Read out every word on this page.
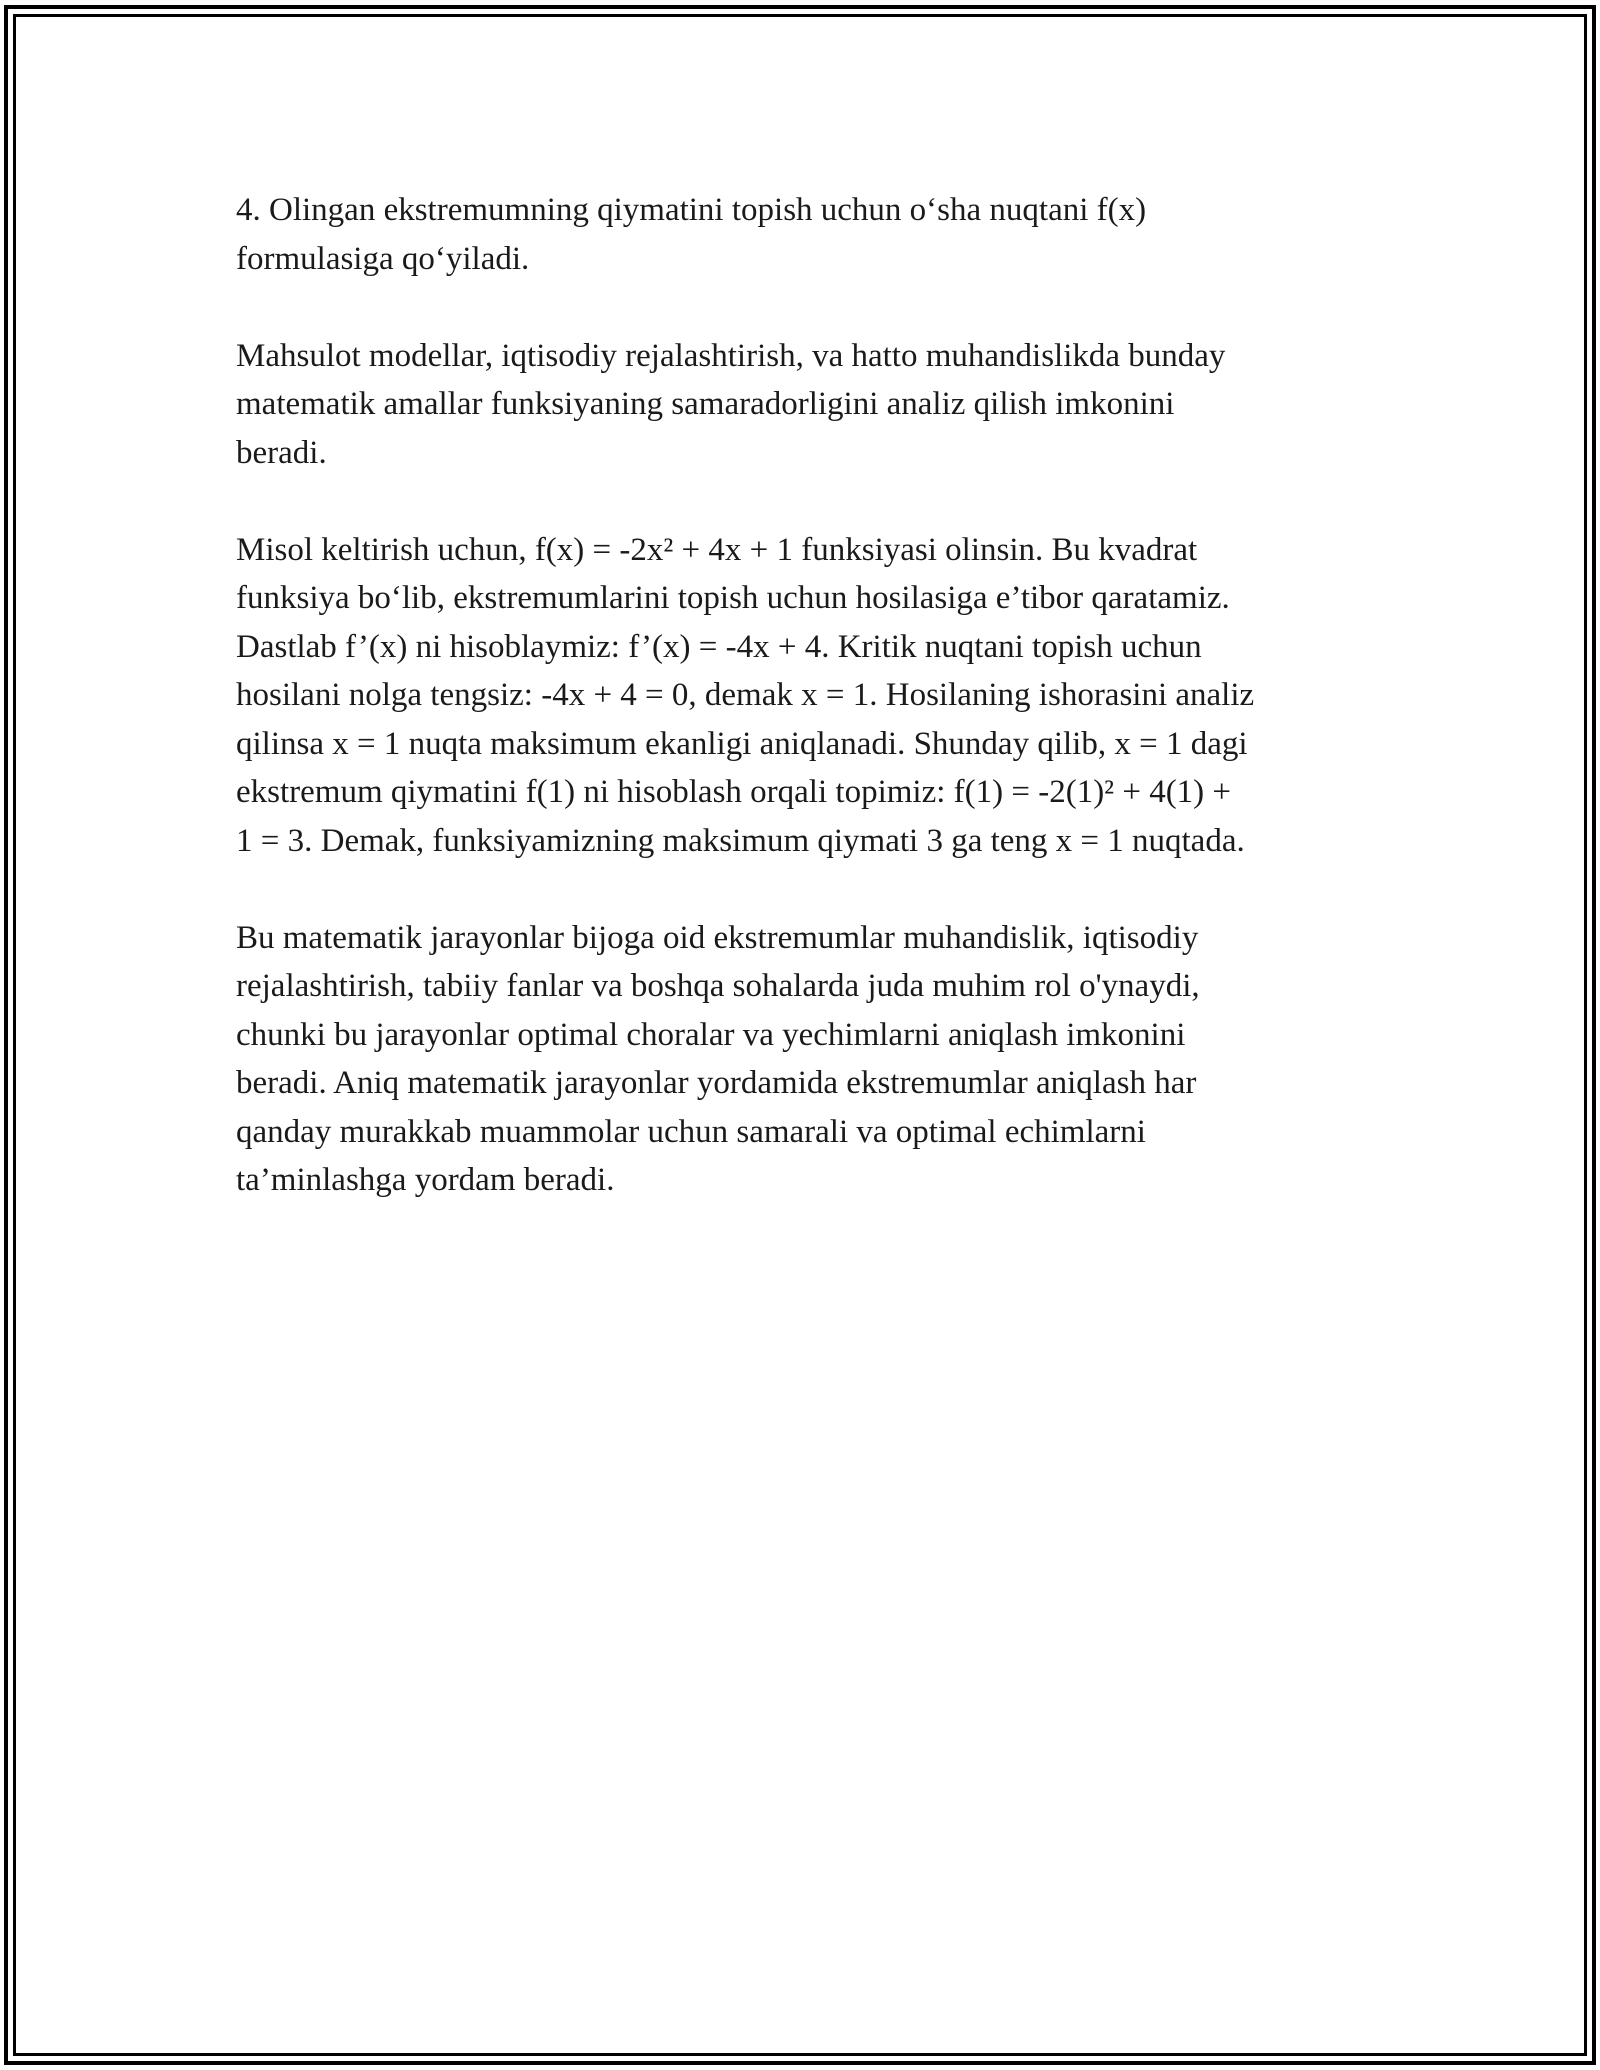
4. Olingan ekstremumning qiymatini topish uchun o‘sha nuqtani f(x)
formulasiga qo‘yiladi.

Mahsulot modellar, iqtisodiy rejalashtirish, va hatto muhandislikda bunday
matematik amallar funksiyaning samaradorligini analiz qilish imkonini
beradi.

Misol keltirish uchun, f(x) = -2x² + 4x + 1 funksiyasi olinsin. Bu kvadrat
funksiya bo‘lib, ekstremumlarini topish uchun hosilasiga e’tibor qaratamiz.
Dastlab f’(x) ni hisoblaymiz: f’(x) = -4x + 4. Kritik nuqtani topish uchun
hosilani nolga tengsiz: -4x + 4 = 0, demak x = 1. Hosilaning ishorasini analiz
qilinsa x = 1 nuqta maksimum ekanligi aniqlanadi. Shunday qilib, x = 1 dagi
ekstremum qiymatini f(1) ni hisoblash orqali topimiz: f(1) = -2(1)² + 4(1) +
1 = 3. Demak, funksiyamizning maksimum qiymati 3 ga teng x = 1 nuqtada.

Bu matematik jarayonlar bijoga oid ekstremumlar muhandislik, iqtisodiy
rejalashtirish, tabiiy fanlar va boshqa sohalarda juda muhim rol o'ynaydi,
chunki bu jarayonlar optimal choralar va yechimlarni aniqlash imkonini
beradi. Aniq matematik jarayonlar yordamida ekstremumlar aniqlash har
qanday murakkab muammolar uchun samarali va optimal echimlarni
ta’minlashga yordam beradi.
